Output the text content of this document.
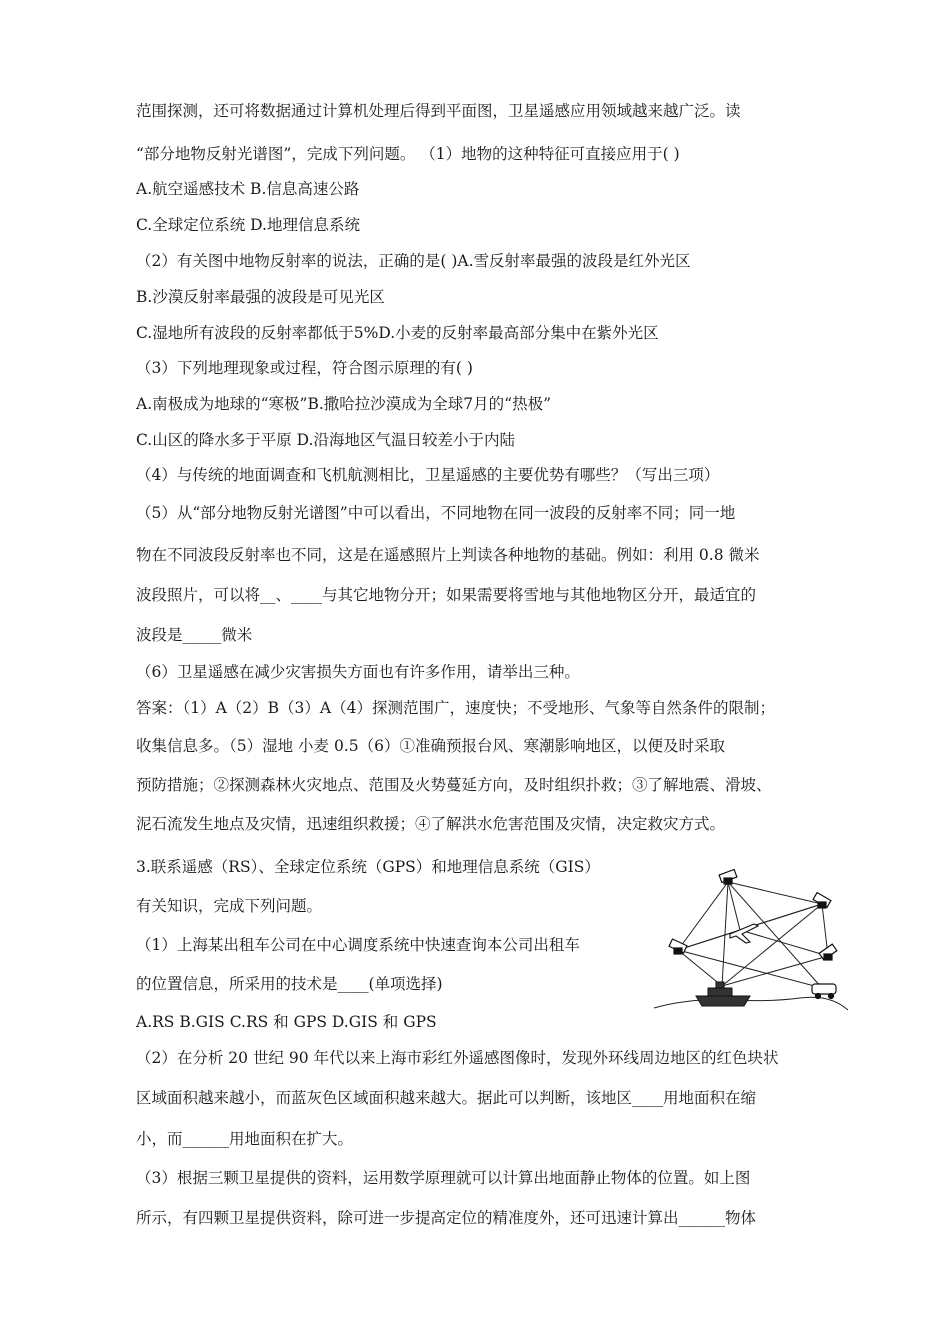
范围探测，还可将数据通过计算机处理后得到平面图，卫星遥感应用领域越来越广泛。读
“部分地物反射光谱图”，完成下列问题。 （1）地物的这种特征可直接应用于( )
A.航空遥感技术 B.信息高速公路
C.全球定位系统 D.地理信息系统
（2）有关图中地物反射率的说法，正确的是( )A.雪反射率最强的波段是红外光区
B.沙漠反射率最强的波段是可见光区
C.湿地所有波段的反射率都低于5%D.小麦的反射率最高部分集中在紫外光区
（3）下列地理现象或过程，符合图示原理的有( )
A.南极成为地球的“寒极”B.撒哈拉沙漠成为全球7月的“热极”
C.山区的降水多于平原 D.沿海地区气温日较差小于内陆
（4）与传统的地面调查和飞机航测相比，卫星遥感的主要优势有哪些？（写出三项）
（5）从“部分地物反射光谱图”中可以看出，不同地物在同一波段的反射率不同；同一地
物在不同波段反射率也不同，这是在遥感照片上判读各种地物的基础。例如：利用 0.8 微米
波段照片，可以将__、____与其它地物分开；如果需要将雪地与其他地物区分开，最适宜的
波段是_____微米
（6）卫星遥感在减少灾害损失方面也有许多作用，请举出三种。
答案：（1）A（2）B（3）A（4）探测范围广，速度快；不受地形、气象等自然条件的限制；
收集信息多。（5）湿地 小麦 0.5（6）①准确预报台风、寒潮影响地区，以便及时采取
预防措施；②探测森林火灾地点、范围及火势蔓延方向，及时组织扑救；③了解地震、滑坡、
泥石流发生地点及灾情，迅速组织救援；④了解洪水危害范围及灾情，决定救灾方式。
3.联系遥感（RS）、全球定位系统（GPS）和地理信息系统（GIS）
有关知识，完成下列问题。
（1）上海某出租车公司在中心调度系统中快速查询本公司出租车
的位置信息，所采用的技术是____(单项选择)
A.RS B.GIS C.RS 和 GPS D.GIS 和 GPS
（2）在分析 20 世纪 90 年代以来上海市彩红外遥感图像时，发现外环线周边地区的红色块状
区域面积越来越小，而蓝灰色区域面积越来越大。据此可以判断，该地区____用地面积在缩
小，而______用地面积在扩大。
（3）根据三颗卫星提供的资料，运用数学原理就可以计算出地面静止物体的位置。如上图
所示，有四颗卫星提供资料，除可进一步提高定位的精准度外，还可迅速计算出______物体
